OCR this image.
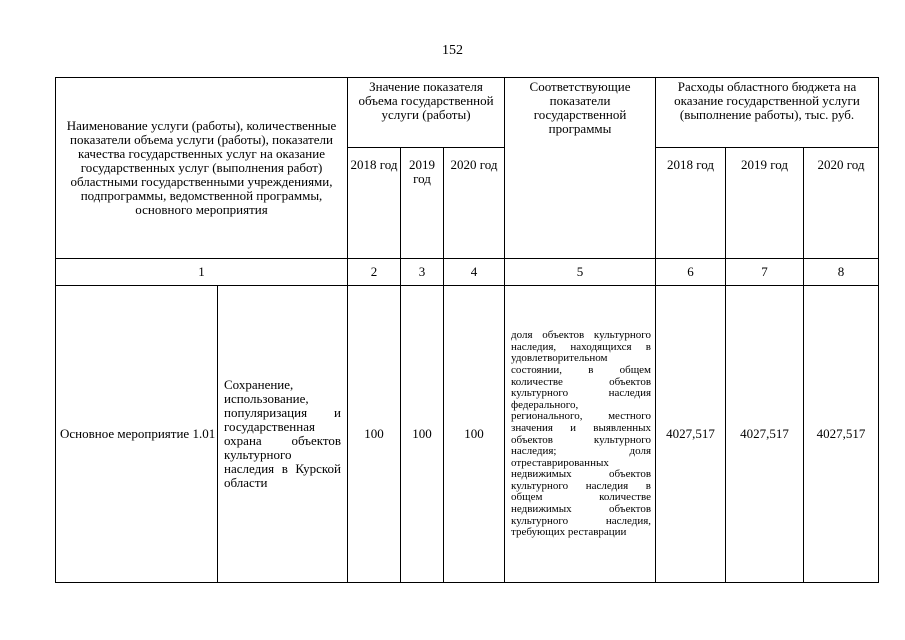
152
Наименование услуги (работы), количественные показатели объема услуги (работы), показатели качества государственных услуг на оказание государственных услуг (выполнения работ) областными государственными учреждениями, подпрограммы, ведомственной программы, основного мероприятия		Значение показателя объема государственной услуги (работы)			Соответствующие показатели государственной программы	Расходы областного бюджета на оказание государственной услуги (выполнение работы), тыс. руб.		
		2018 год	2019 год	2020 год		2018 год	2019 год	2020 год
1		2	3	4	5	6	7	8
Основное мероприятие 1.01	Сохранение, использование, популяризация и государственная охрана объектов культурного наследия в Курской области	100	100	100	доля объектов культурного наследия, находящихся в удовлетворительном состоянии, в общем количестве объектов культурного наследия федерального, регионального, местного значения и выявленных объектов культурного наследия; доля отреставрированных недвижимых объектов культурного наследия в общем количестве недвижимых объектов культурного наследия, требующих реставрации	4027,517	4027,517	4027,517
